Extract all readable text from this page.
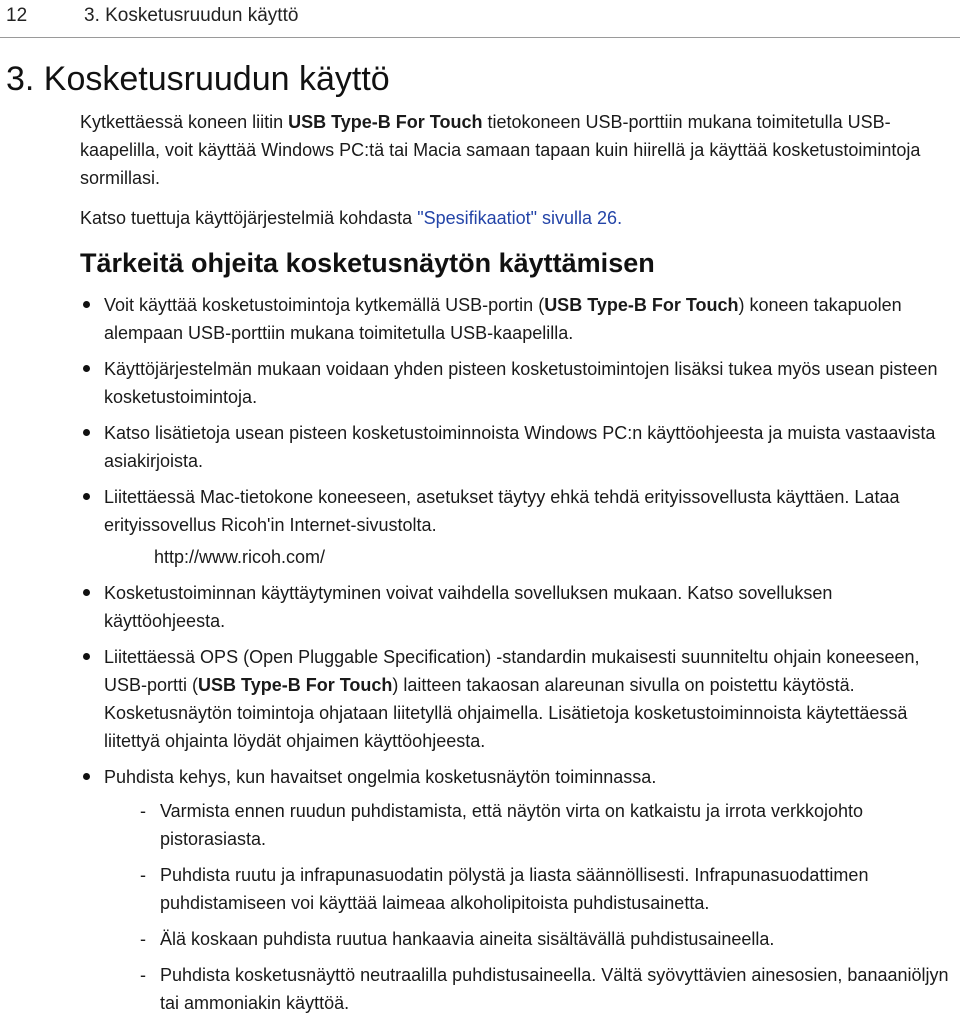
12	3. Kosketusruudun käyttö
3. Kosketusruudun käyttö

Kytkettäessä koneen liitin USB Type-B For Touch tietokoneen USB-porttiin mukana toimitetulla USB-kaapelilla, voit käyttää Windows PC:tä tai Macia samaan tapaan kuin hiirellä ja käyttää kosketustoimintoja sormillasi.

Katso tuettuja käyttöjärjestelmiä kohdasta "Spesifikaatiot" sivulla 26.

Tärkeitä ohjeita kosketusnäytön käyttämisen
Voit käyttää kosketustoimintoja kytkemällä USB-portin (USB Type-B For Touch) koneen takapuolen alempaan USB-porttiin mukana toimitetulla USB-kaapelilla.
Käyttöjärjestelmän mukaan voidaan yhden pisteen kosketustoimintojen lisäksi tukea myös usean pisteen kosketustoimintoja.
Katso lisätietoja usean pisteen kosketustoiminnoista Windows PC:n käyttöohjeesta ja muista vastaavista asiakirjoista.
Liitettäessä Mac-tietokone koneeseen, asetukset täytyy ehkä tehdä erityissovellusta käyttäen. Lataa erityissovellus Ricoh'in Internet-sivustolta.
http://www.ricoh.com/
Kosketustoiminnan käyttäytyminen voivat vaihdella sovelluksen mukaan. Katso sovelluksen käyttöohjeesta.
Liitettäessä OPS (Open Pluggable Specification) -standardin mukaisesti suunniteltu ohjain koneeseen, USB-portti (USB Type-B For Touch) laitteen takaosan alareunan sivulla on poistettu käytöstä. Kosketusnäytön toimintoja ohjataan liitetyllä ohjaimella. Lisätietoja kosketustoiminnoista käytettäessä liitettyä ohjainta löydät ohjaimen käyttöohjeesta.
Puhdista kehys, kun havaitset ongelmia kosketusnäytön toiminnassa.
- Varmista ennen ruudun puhdistamista, että näytön virta on katkaistu ja irrota verkkojohto pistorasiasta.
- Puhdista ruutu ja infrapunasuodatin pölystä ja liasta säännöllisesti. Infrapunasuodattimen puhdistamiseen voi käyttää laimeaa alkoholipitoista puhdistusainetta.
- Älä koskaan puhdista ruutua hankaavia aineita sisältävällä puhdistusaineella.
- Puhdista kosketusnäyttö neutraalilla puhdistusaineella. Vältä syövyttävien ainesosien, banaaniöljyn tai ammoniakin käyttöä.
